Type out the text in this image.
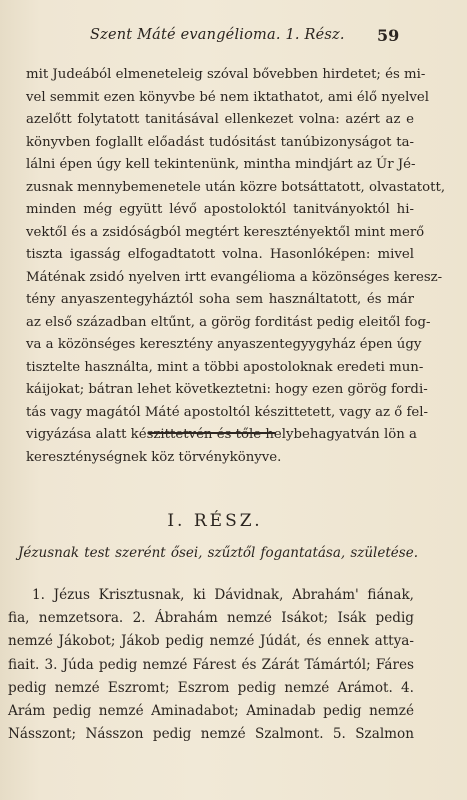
Szent Máté evangélioma. 1. Rész. 59
mit Judeából elmeneteleig szóval bővebben hirdetet; és mi-
vel semmit ezen könyvbe bé nem iktathatot, ami élő nyelvel
azelőtt folytatott tanitásával ellenkezet volna: azért az e
könyvben foglallt előadást tudósitást tanúbizonyságot ta-
lálni épen úgy kell tekintenünk, mintha mindjárt az Úr Jé-
zusnak mennybemenetele után közre botsáttatott, olvastatott,
minden még együtt lévő apostoloktól tanitványoktól hi-
vektől és a zsidóságból megtért keresztényektől mint merő
tiszta igasság elfogadtatott volna. Hasonlóképen: mivel
Máténak zsidó nyelven irtt evangélioma a közönséges keresz-
tény anyaszentegyháztól soha sem használtatott, és már
az első században eltűnt, a görög forditást pedig eleitől fog-
va a közönséges keresztény anyaszentegyygyház épen úgy
tisztelte használta, mint a többi apostoloknak eredeti mun-
káijokat; bátran lehet következtetni: hogy ezen görög fordi-
tás vagy magától Máté apostoltól készittetett, vagy az ő fel-
vigyázása alatt készittetvén és tőle helybehagyatván lön a
kereszténységnek köz törvénykönyve.
I. RÉSZ.
Jézusnak test szerént ősei, szűztől fogantatása, születése.
1. Jézus Krisztusnak, ki Dávidnak, Abrahám' fiának,
fia, nemzetsora. 2. Ábrahám nemzé Isákot; Isák pedig
nemzé Jákobot; Jákob pedig nemzé Júdát, és ennek attya-
fiait. 3. Júda pedig nemzé Fárest és Zárát Támártól; Fáres
pedig nemzé Eszromt; Eszrom pedig nemzé Arámot. 4.
Arám pedig nemzé Aminadabot; Aminadab pedig nemzé
Násszont; Násszon pedig nemzé Szalmont. 5. Szalmon
